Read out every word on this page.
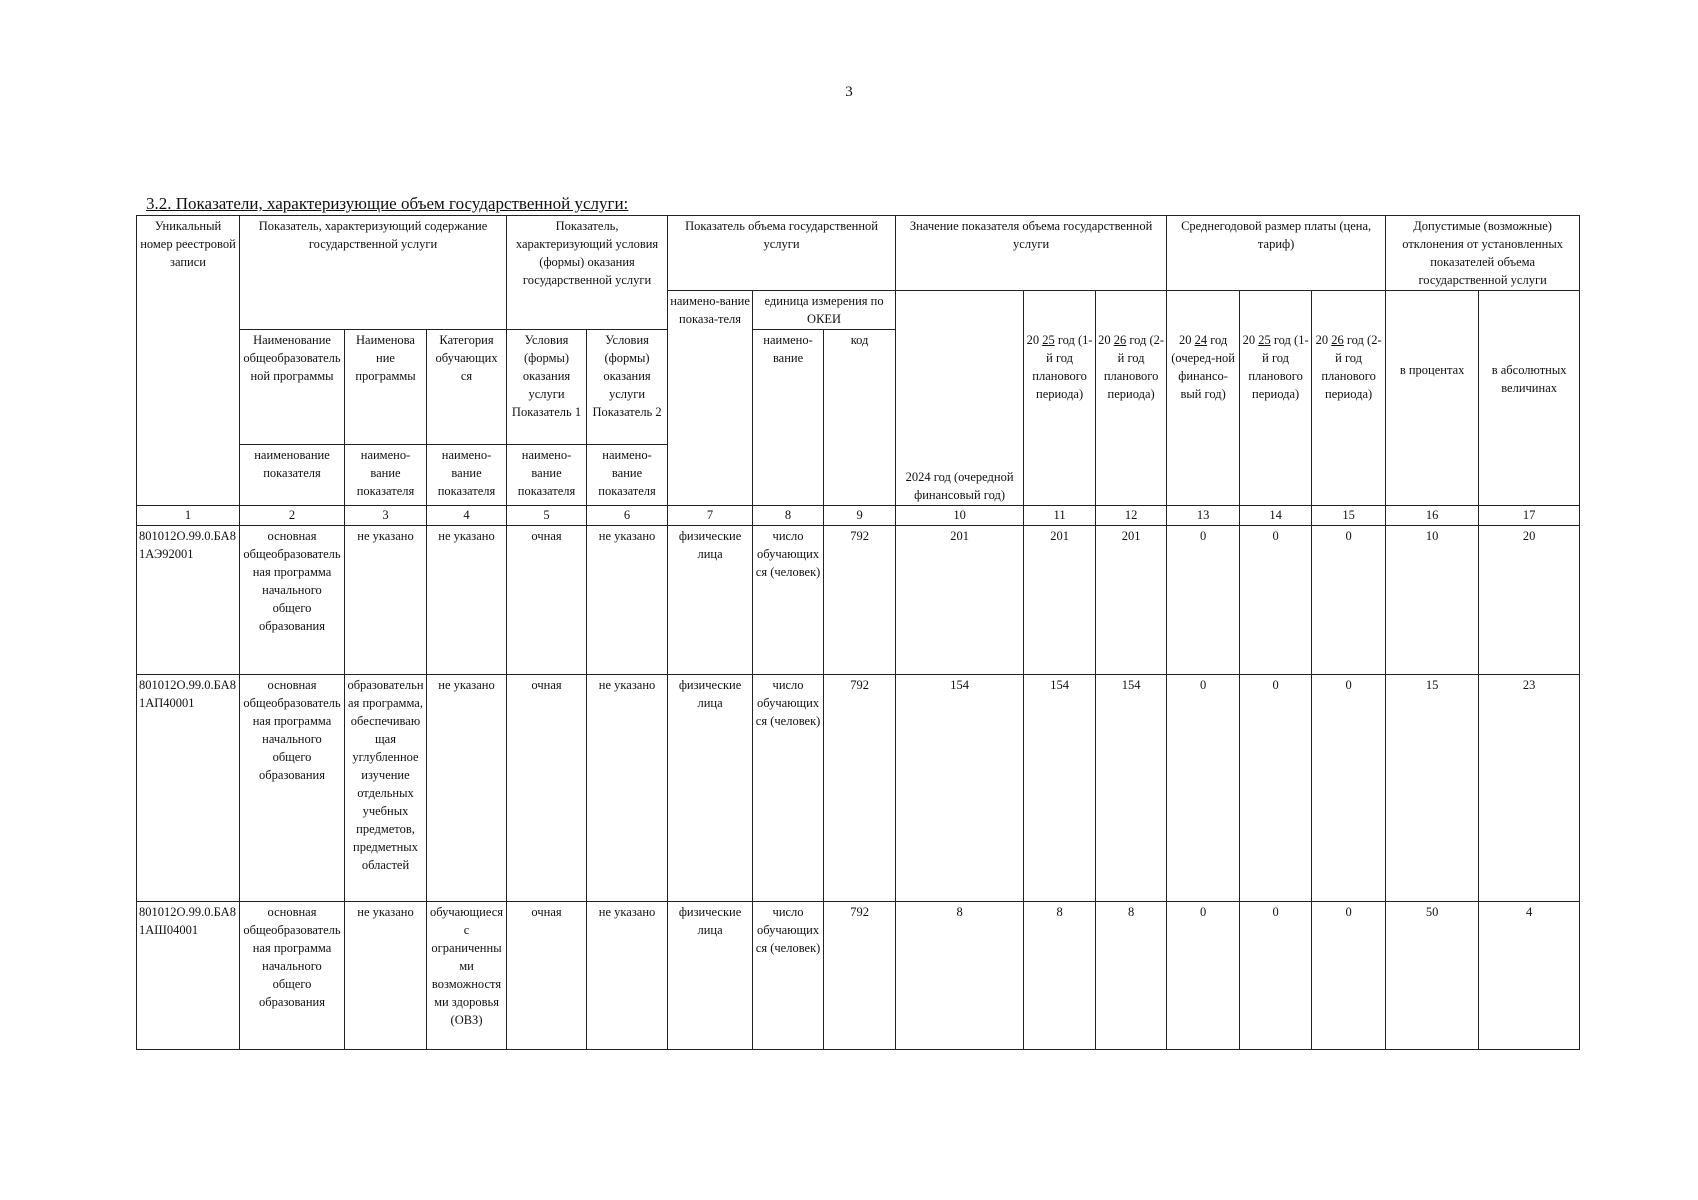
3
3.2. Показатели, характеризующие объем государственной услуги:
Уникальный номер реестровой записи	Показатель, характеризующий содержание государственной услуги			Показатель, характеризующий условия (формы) оказания государственной услуги		Показатель объема государственной услуги			Значение показателя объема государственной услуги			Среднегодовой размер платы (цена, тариф)			Допустимые (возможные) отклонения от установленных показателей объема государственной услуги	
						наимено-вание показа-теля	единица измерения по ОКЕИ		2024 год (очередной финансовый год)	20 25 год (1-й год планового периода)	20 26 год (2-й год планового периода)	20 24 год (очеред-ной финансо-вый год)	20 25 год (1-й год планового периода)	20 26 год (2-й год планового периода)	в процентах	в абсолютных величинах
	Наименование общеобразовательной программы	Наименова ние программы	Категория обучающих ся	Условия (формы) оказания услуги Показатель 1	Условия (формы) оказания услуги Показатель 2		наимено-вание	код								
	наименование показателя	наимено-вание показателя	наимено-вание показателя	наимено-вание показателя	наимено-вание показателя											
1	2	3	4	5	6	7	8	9	10	11	12	13	14	15	16	17
801012О.99.0.БА81АЭ92001	основная общеобразовательная программа начального общего образования	не указано	не указано	очная	не указано	физические лица	число обучающихся (человек)	792	201	201	201	0	0	0	10	20
801012О.99.0.БА81АП40001	основная общеобразовательная программа начального общего образования	образовательная программа, обеспечивающая углубленное изучение отдельных учебных предметов, предметных областей	не указано	очная	не указано	физические лица	число обучающихся (человек)	792	154	154	154	0	0	0	15	23
801012О.99.0.БА81АШ04001	основная общеобразовательная программа начального общего образования	не указано	обучающиеся с ограниченными возможностями здоровья (ОВЗ)	очная	не указано	физические лица	число обучающихся (человек)	792	8	8	8	0	0	0	50	4
